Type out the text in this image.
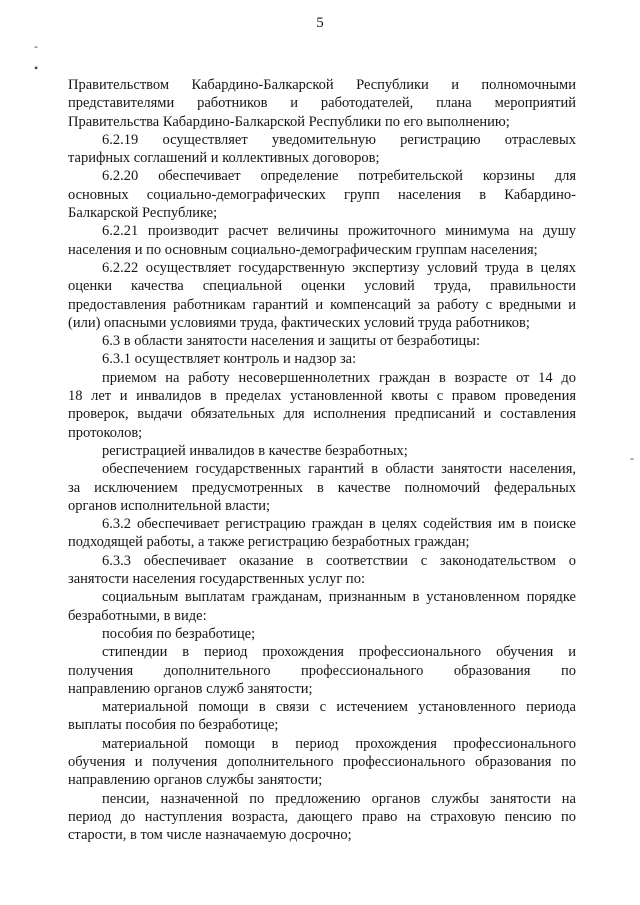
5
-
•
-
Правительством Кабардино-Балкарской Республики и полномочными
представителями работников и работодателей, плана мероприятий
Правительства Кабардино-Балкарской Республики по его выполнению;
6.2.19 осуществляет уведомительную регистрацию отраслевых
тарифных соглашений и коллективных договоров;
6.2.20 обеспечивает определение потребительской корзины для
основных социально-демографических групп населения в Кабардино-
Балкарской Республике;
6.2.21 производит расчет величины прожиточного минимума на душу
населения и по основным социально-демографическим группам населения;
6.2.22 осуществляет государственную экспертизу условий труда в целях
оценки качества специальной оценки условий труда, правильности
предоставления работникам гарантий и компенсаций за работу с вредными и
(или) опасными условиями труда, фактических условий труда работников;
6.3 в области занятости населения и защиты от безработицы:
6.3.1 осуществляет контроль и надзор за:
приемом на работу несовершеннолетних граждан в возрасте от 14 до
18 лет и инвалидов в пределах установленной квоты с правом проведения
проверок, выдачи обязательных для исполнения предписаний и составления
протоколов;
регистрацией инвалидов в качестве безработных;
обеспечением государственных гарантий в области занятости населения,
за исключением предусмотренных в качестве полномочий федеральных
органов исполнительной власти;
6.3.2 обеспечивает регистрацию граждан в целях содействия им в поиске
подходящей работы, а также регистрацию безработных граждан;
6.3.3 обеспечивает оказание в соответствии с законодательством о
занятости населения государственных услуг по:
социальным выплатам гражданам, признанным в установленном порядке
безработными, в виде:
пособия по безработице;
стипендии в период прохождения профессионального обучения и
получения дополнительного профессионального образования по
направлению органов служб занятости;
материальной помощи в связи с истечением установленного периода
выплаты пособия по безработице;
материальной помощи в период прохождения профессионального
обучения и получения дополнительного профессионального образования по
направлению органов службы занятости;
пенсии, назначенной по предложению органов службы занятости на
период до наступления возраста, дающего право на страховую пенсию по
старости, в том числе назначаемую досрочно;
